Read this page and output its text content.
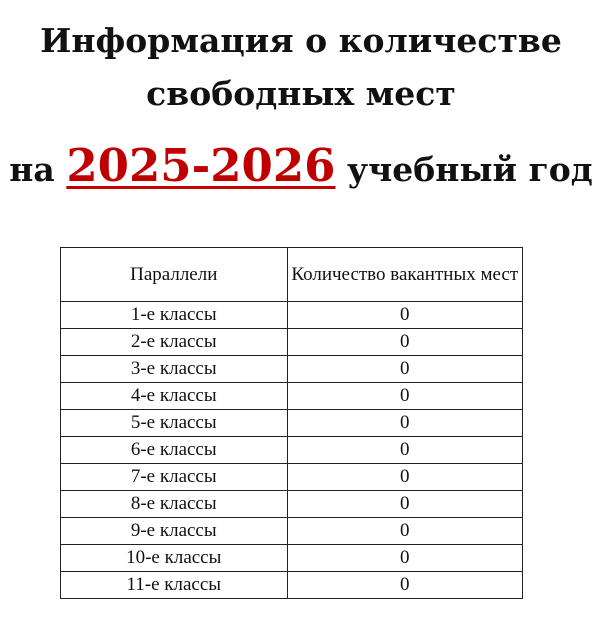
Информация о количестве
свободных мест
на 2025-2026 учебный год
Параллели	Количество вакантных мест
1-е классы	0
2-е классы	0
3-е классы	0
4-е классы	0
5-е классы	0
6-е классы	0
7-е классы	0
8-е классы	0
9-е классы	0
10-е классы	0
11-е классы	0
